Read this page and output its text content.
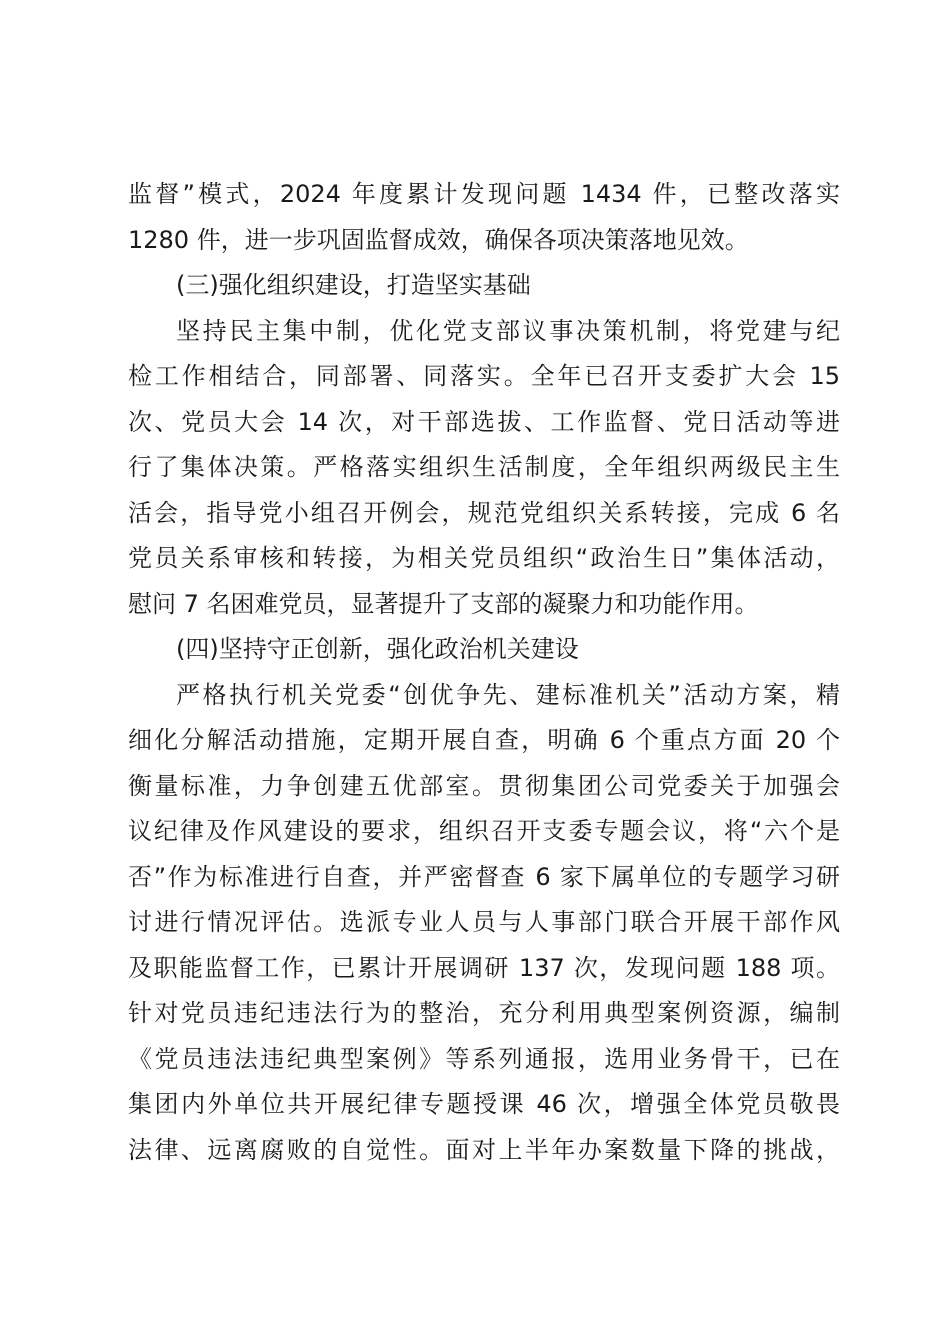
监督”模式，2024 年度累计发现问题 1434 件，已整改落实
1280 件，进一步巩固监督成效，确保各项决策落地见效。
(三)强化组织建设，打造坚实基础
坚持民主集中制，优化党支部议事决策机制，将党建与纪
检工作相结合，同部署、同落实。全年已召开支委扩大会 15
次、党员大会 14 次，对干部选拔、工作监督、党日活动等进
行了集体决策。严格落实组织生活制度，全年组织两级民主生
活会，指导党小组召开例会，规范党组织关系转接，完成 6 名
党员关系审核和转接，为相关党员组织“政治生日”集体活动，
慰问 7 名困难党员，显著提升了支部的凝聚力和功能作用。
(四)坚持守正创新，强化政治机关建设
严格执行机关党委“创优争先、建标准机关”活动方案，精
细化分解活动措施，定期开展自查，明确 6 个重点方面 20 个
衡量标准，力争创建五优部室。贯彻集团公司党委关于加强会
议纪律及作风建设的要求，组织召开支委专题会议，将“六个是
否”作为标准进行自查，并严密督查 6 家下属单位的专题学习研
讨进行情况评估。选派专业人员与人事部门联合开展干部作风
及职能监督工作，已累计开展调研 137 次，发现问题 188 项。
针对党员违纪违法行为的整治，充分利用典型案例资源，编制
《党员违法违纪典型案例》等系列通报，选用业务骨干，已在
集团内外单位共开展纪律专题授课 46 次，增强全体党员敬畏
法律、远离腐败的自觉性。面对上半年办案数量下降的挑战，
